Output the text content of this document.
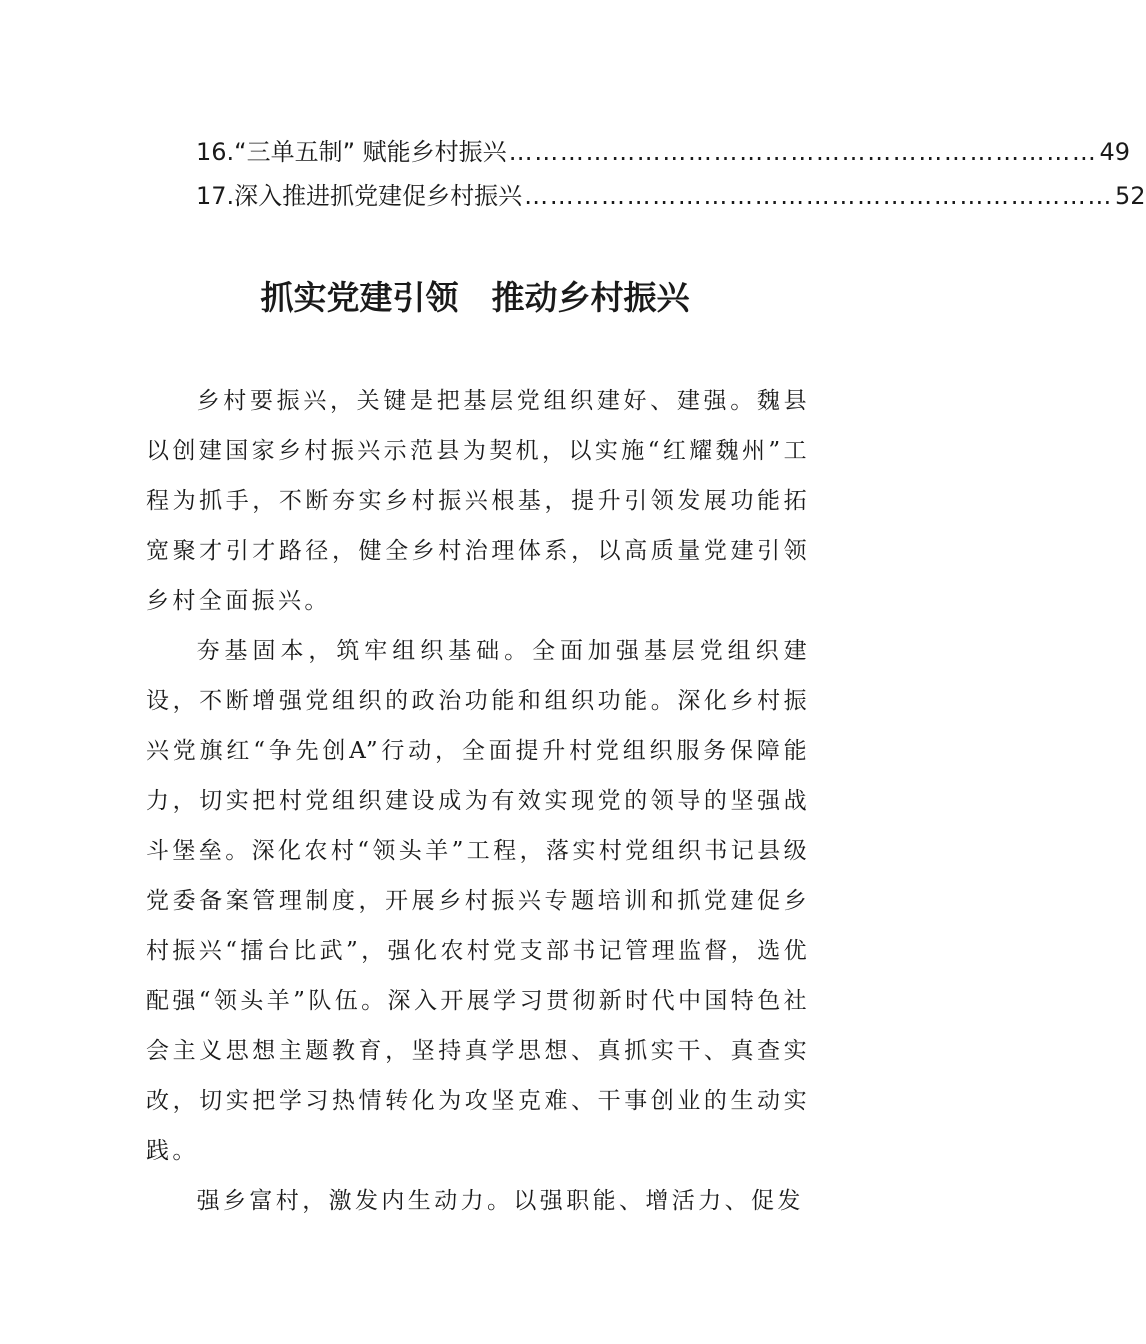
16. “三单五制” 赋能乡村振兴 …………………………………………………………… 49
17. 深入推进抓党建促乡村振兴 …………………………………………………………… 52
抓实党建引领　推动乡村振兴

乡村要振兴，关键是把基层党组织建好、建强。魏县以创建国家乡村振兴示范县为契机，以实施“红耀魏州”工程为抓手，不断夯实乡村振兴根基，提升引领发展功能拓宽聚才引才路径，健全乡村治理体系，以高质量党建引领乡村全面振兴。

夯基固本，筑牢组织基础。全面加强基层党组织建设，不断增强党组织的政治功能和组织功能。深化乡村振兴党旗红“争先创A”行动，全面提升村党组织服务保障能力，切实把村党组织建设成为有效实现党的领导的坚强战斗堡垒。深化农村“领头羊”工程，落实村党组织书记县级党委备案管理制度，开展乡村振兴专题培训和抓党建促乡村振兴“擂台比武”，强化农村党支部书记管理监督，选优配强“领头羊”队伍。深入开展学习贯彻新时代中国特色社会主义思想主题教育，坚持真学思想、真抓实干、真查实改，切实把学习热情转化为攻坚克难、干事创业的生动实践。

强乡富村，激发内生动力。以强职能、增活力、促发
